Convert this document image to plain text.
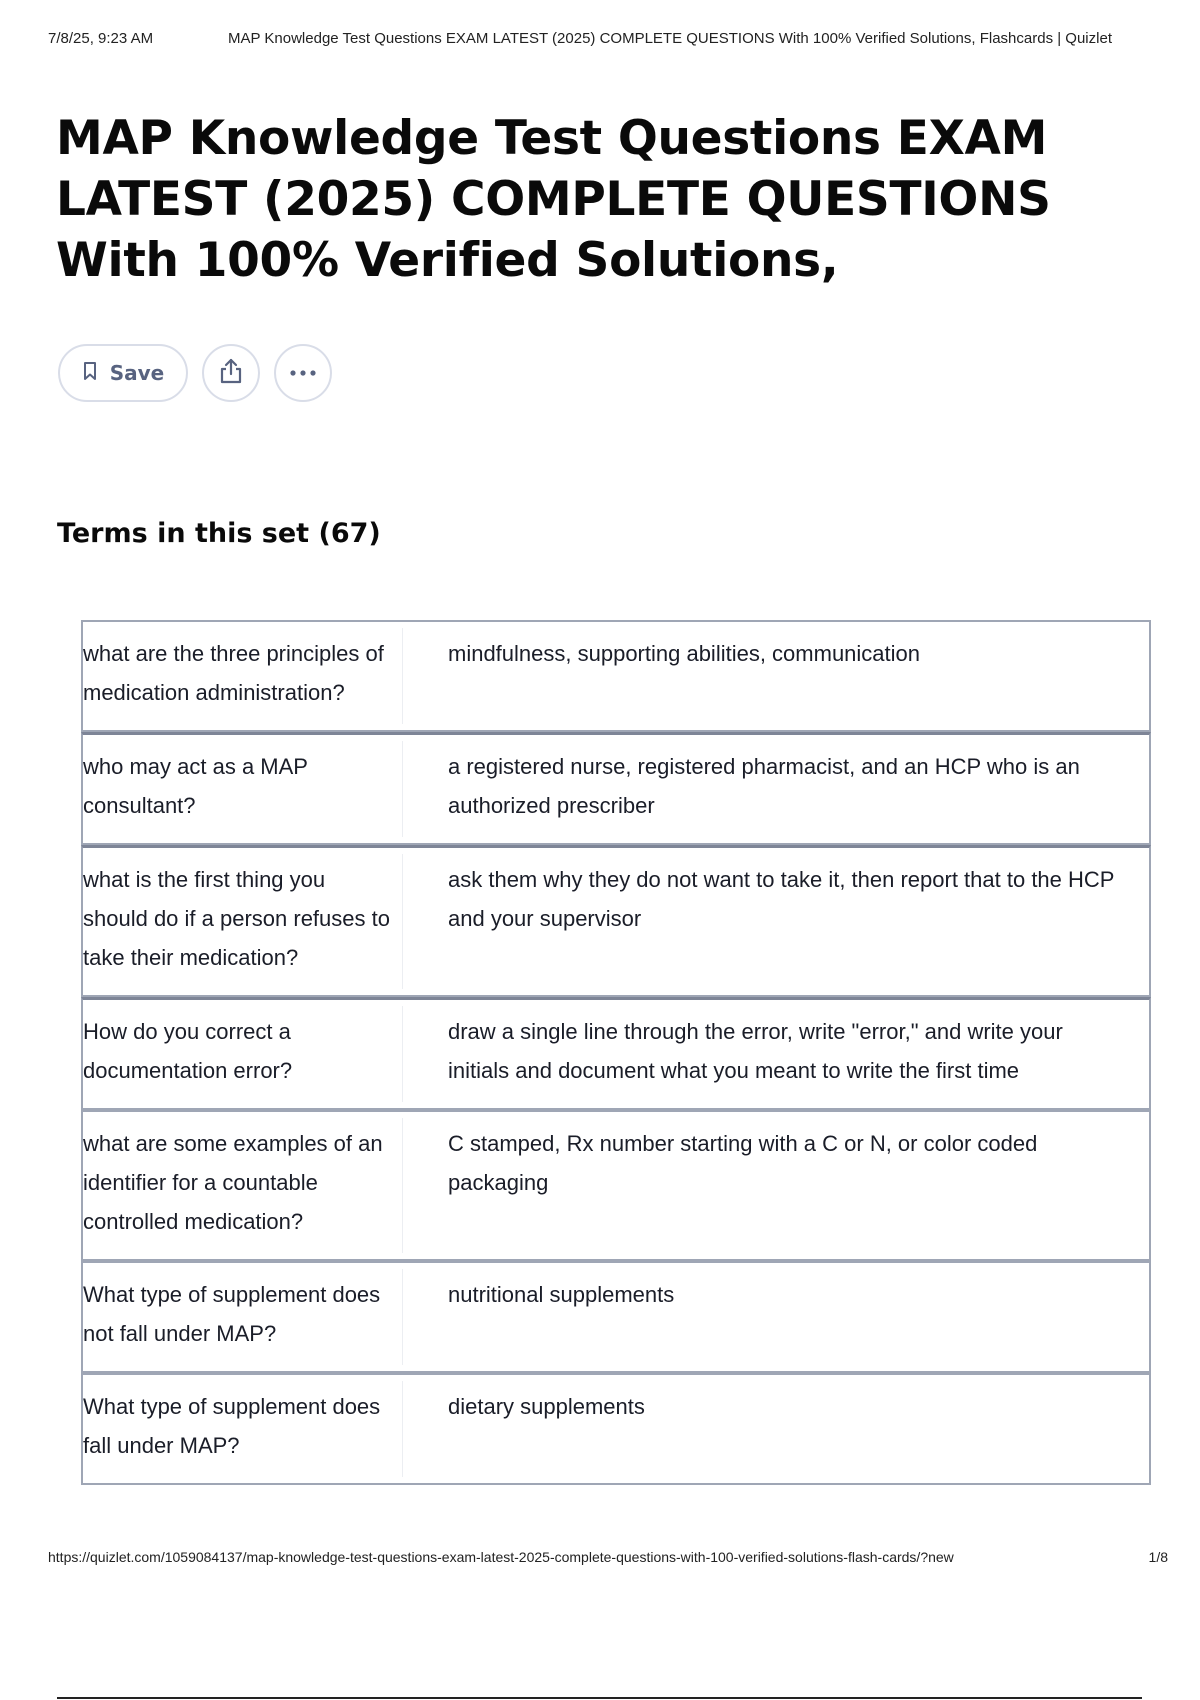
7/8/25, 9:23 AM	MAP Knowledge Test Questions EXAM LATEST (2025) COMPLETE QUESTIONS With 100% Verified Solutions, Flashcards | Quizlet
MAP Knowledge Test Questions EXAM LATEST (2025) COMPLETE QUESTIONS With 100% Verified Solutions,
Save
Terms in this set (67)
what are the three principles of medication administration?
mindfulness, supporting abilities, communication
who may act as a MAP consultant?
a registered nurse, registered pharmacist, and an HCP who is an authorized prescriber
what is the first thing you should do if a person refuses to take their medication?
ask them why they do not want to take it, then report that to the HCP and your supervisor
How do you correct a documentation error?
draw a single line through the error, write "error," and write your initials and document what you meant to write the first time
what are some examples of an identifier for a countable controlled medication?
C stamped, Rx number starting with a C or N, or color coded packaging
What type of supplement does not fall under MAP?
nutritional supplements
What type of supplement does fall under MAP?
dietary supplements
https://quizlet.com/1059084137/map-knowledge-test-questions-exam-latest-2025-complete-questions-with-100-verified-solutions-flash-cards/?new	1/8
